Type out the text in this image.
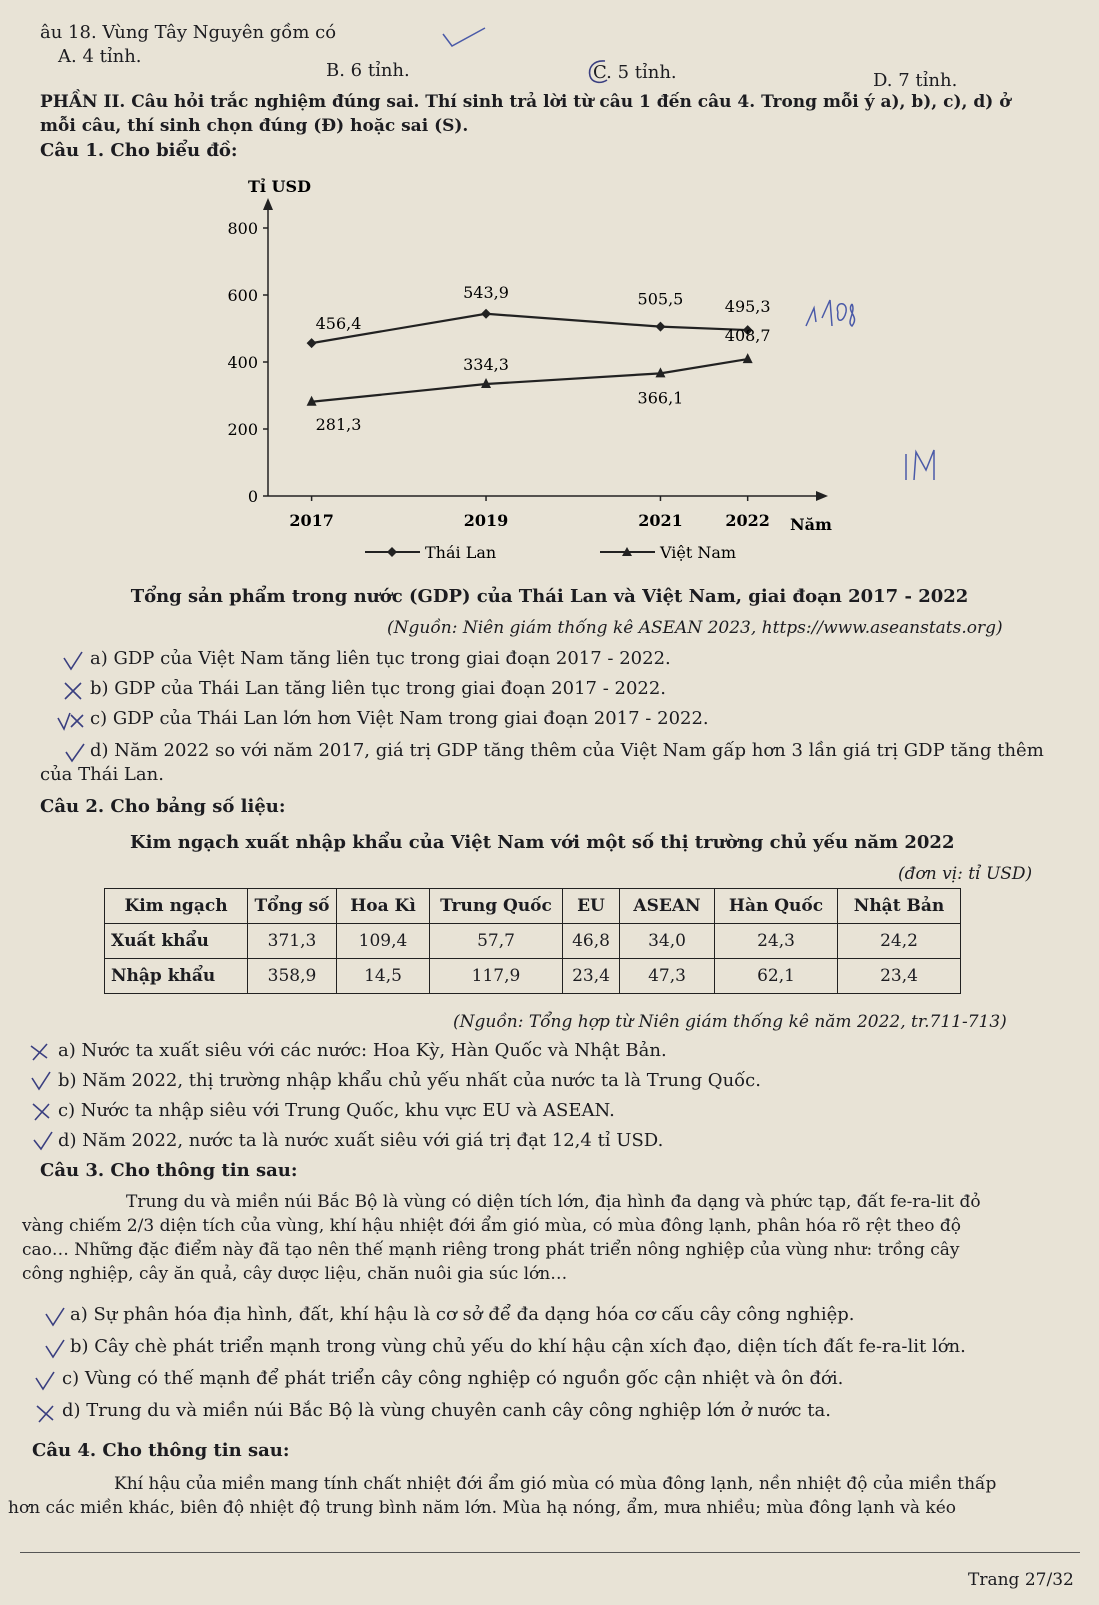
âu 18. Vùng Tây Nguyên gồm có
A. 4 tỉnh.
B. 6 tỉnh.	C. 5 tỉnh.	D. 7 tỉnh.
PHẦN II. Câu hỏi trắc nghiệm đúng sai. Thí sinh trả lời từ câu 1 đến câu 4. Trong mỗi ý a), b), c), d) ở
mỗi câu, thí sinh chọn đúng (Đ) hoặc sai (S).
Câu 1. Cho biểu đồ:
Tỉ USD
0
200
400
600
800
2017	2019	2021	2022
456,4
543,9	505,5	495,3
281,3
334,3
366,1
408,7
Năm
Thái Lan	Việt Nam
Tổng sản phẩm trong nước (GDP) của Thái Lan và Việt Nam, giai đoạn 2017 - 2022
(Nguồn: Niên giám thống kê ASEAN 2023, https://www.aseanstats.org)
a) GDP của Việt Nam tăng liên tục trong giai đoạn 2017 - 2022.
b) GDP của Thái Lan tăng liên tục trong giai đoạn 2017 - 2022.
c) GDP của Thái Lan lớn hơn Việt Nam trong giai đoạn 2017 - 2022.
d) Năm 2022 so với năm 2017, giá trị GDP tăng thêm của Việt Nam gấp hơn 3 lần giá trị GDP tăng thêm
của Thái Lan.
Câu 2. Cho bảng số liệu:
Kim ngạch xuất nhập khẩu của Việt Nam với một số thị trường chủ yếu năm 2022
(đơn vị: tỉ USD)
Kim ngạch	Tổng số	Hoa Kì	Trung Quốc	EU	ASEAN	Hàn Quốc	Nhật Bản
Xuất khẩu	371,3	109,4	57,7	46,8	34,0	24,3	24,2
Nhập khẩu	358,9	14,5	117,9	23,4	47,3	62,1	23,4
(Nguồn: Tổng hợp từ Niên giám thống kê năm 2022, tr.711-713)
a) Nước ta xuất siêu với các nước: Hoa Kỳ, Hàn Quốc và Nhật Bản.
b) Năm 2022, thị trường nhập khẩu chủ yếu nhất của nước ta là Trung Quốc.
c) Nước ta nhập siêu với Trung Quốc, khu vực EU và ASEAN.
d) Năm 2022, nước ta là nước xuất siêu với giá trị đạt 12,4 tỉ USD.
Câu 3. Cho thông tin sau:
Trung du và miền núi Bắc Bộ là vùng có diện tích lớn, địa hình đa dạng và phức tạp, đất fe-ra-lit đỏ
vàng chiếm 2/3 diện tích của vùng, khí hậu nhiệt đới ẩm gió mùa, có mùa đông lạnh, phân hóa rõ rệt theo độ
cao… Những đặc điểm này đã tạo nên thế mạnh riêng trong phát triển nông nghiệp của vùng như: trồng cây
công nghiệp, cây ăn quả, cây dược liệu, chăn nuôi gia súc lớn…
a) Sự phân hóa địa hình, đất, khí hậu là cơ sở để đa dạng hóa cơ cấu cây công nghiệp.
b) Cây chè phát triển mạnh trong vùng chủ yếu do khí hậu cận xích đạo, diện tích đất fe-ra-lit lớn.
c) Vùng có thế mạnh để phát triển cây công nghiệp có nguồn gốc cận nhiệt và ôn đới.
d) Trung du và miền núi Bắc Bộ là vùng chuyên canh cây công nghiệp lớn ở nước ta.
Câu 4. Cho thông tin sau:
Khí hậu của miền mang tính chất nhiệt đới ẩm gió mùa có mùa đông lạnh, nền nhiệt độ của miền thấp
hơn các miền khác, biên độ nhiệt độ trung bình năm lớn. Mùa hạ nóng, ẩm, mưa nhiều; mùa đông lạnh và kéo
Trang 27/32
